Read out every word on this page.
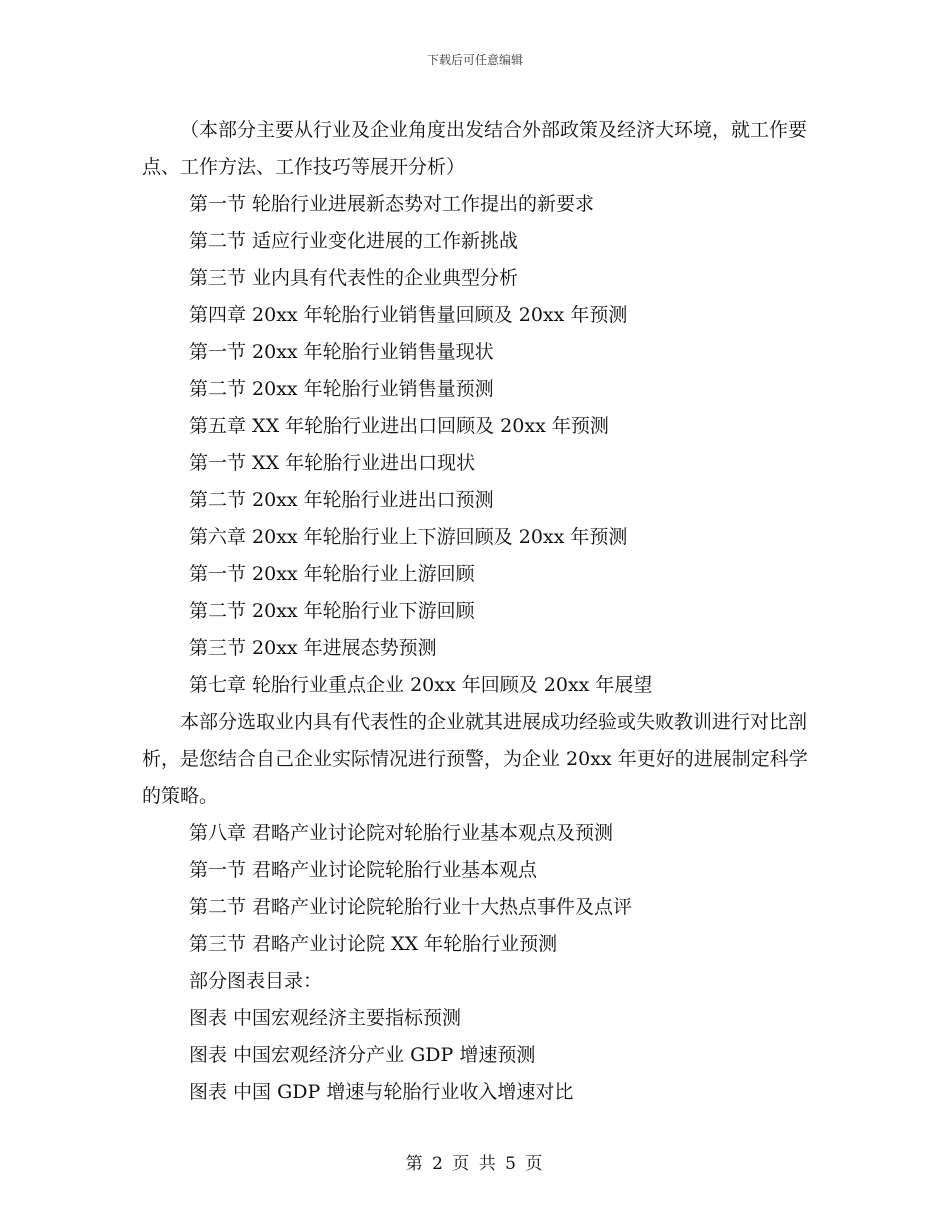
下载后可任意编辑

（本部分主要从行业及企业角度出发结合外部政策及经济大环境，就工作要点、工作方法、工作技巧等展开分析）

第一节 轮胎行业进展新态势对工作提出的新要求

第二节 适应行业变化进展的工作新挑战

第三节 业内具有代表性的企业典型分析

第四章 20xx 年轮胎行业销售量回顾及 20xx 年预测

第一节 20xx 年轮胎行业销售量现状

第二节 20xx 年轮胎行业销售量预测

第五章 XX 年轮胎行业进出口回顾及 20xx 年预测

第一节 XX 年轮胎行业进出口现状

第二节 20xx 年轮胎行业进出口预测

第六章 20xx 年轮胎行业上下游回顾及 20xx 年预测

第一节 20xx 年轮胎行业上游回顾

第二节 20xx 年轮胎行业下游回顾

第三节 20xx 年进展态势预测

第七章 轮胎行业重点企业 20xx 年回顾及 20xx 年展望

本部分选取业内具有代表性的企业就其进展成功经验或失败教训进行对比剖析，是您结合自己企业实际情况进行预警，为企业 20xx 年更好的进展制定科学的策略。

第八章 君略产业讨论院对轮胎行业基本观点及预测

第一节 君略产业讨论院轮胎行业基本观点

第二节 君略产业讨论院轮胎行业十大热点事件及点评

第三节 君略产业讨论院 XX 年轮胎行业预测

部分图表目录：

图表 中国宏观经济主要指标预测

图表 中国宏观经济分产业 GDP 增速预测

图表 中国 GDP 增速与轮胎行业收入增速对比

第 2 页 共 5 页
